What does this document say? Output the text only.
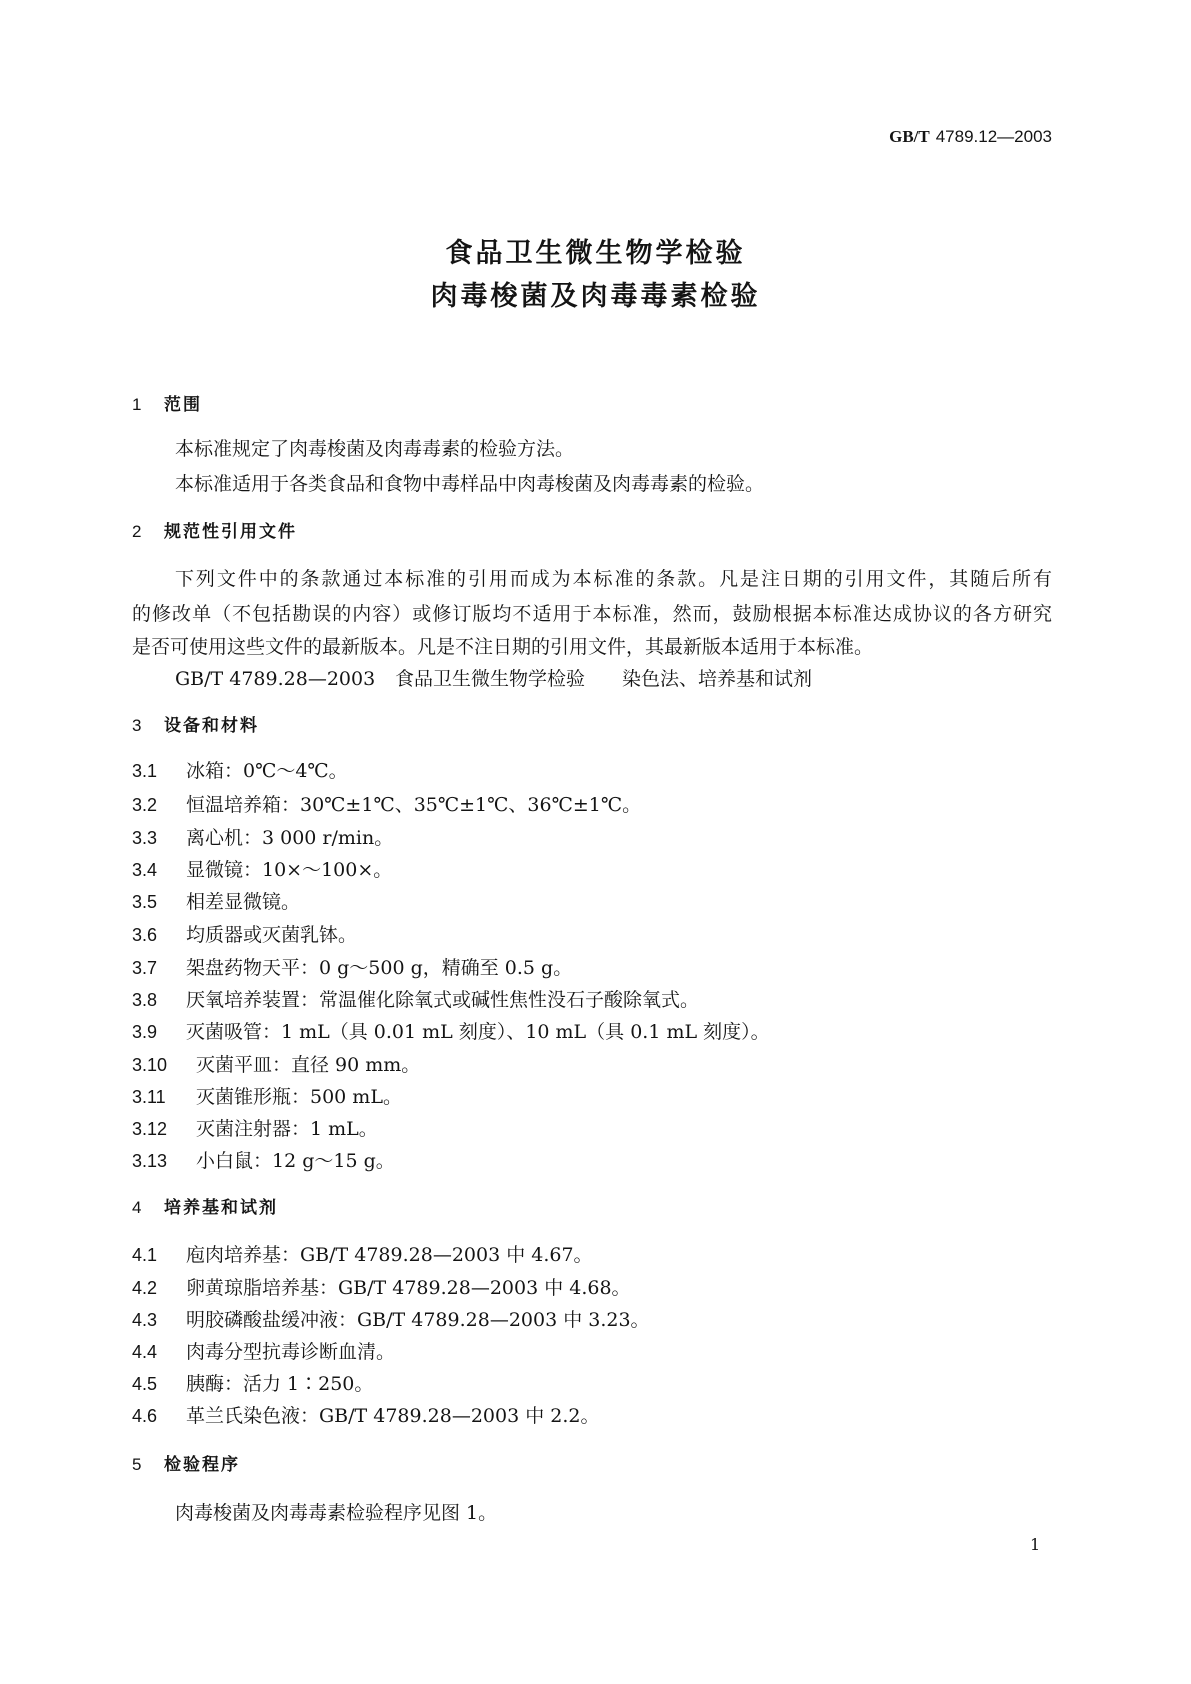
GB/T 4789.12—2003
食品卫生微生物学检验
肉毒梭菌及肉毒毒素检验
1 范围
本标准规定了肉毒梭菌及肉毒毒素的检验方法。
本标准适用于各类食品和食物中毒样品中肉毒梭菌及肉毒毒素的检验。
2 规范性引用文件
下列文件中的条款通过本标准的引用而成为本标准的条款。凡是注日期的引用文件，其随后所有
的修改单（不包括勘误的内容）或修订版均不适用于本标准，然而，鼓励根据本标准达成协议的各方研究
是否可使用这些文件的最新版本。凡是不注日期的引用文件，其最新版本适用于本标准。
GB/T 4789.28—2003 食品卫生微生物学检验 染色法、培养基和试剂
3 设备和材料
3.1 冰箱：0℃～4℃。
3.2 恒温培养箱：30℃±1℃、35℃±1℃、36℃±1℃。
3.3 离心机：3 000 r/min。
3.4 显微镜：10×～100×。
3.5 相差显微镜。
3.6 均质器或灭菌乳钵。
3.7 架盘药物天平：0 g～500 g，精确至 0.5 g。
3.8 厌氧培养装置：常温催化除氧式或碱性焦性没石子酸除氧式。
3.9 灭菌吸管：1 mL（具 0.01 mL 刻度）、10 mL（具 0.1 mL 刻度）。
3.10 灭菌平皿：直径 90 mm。
3.11 灭菌锥形瓶：500 mL。
3.12 灭菌注射器：1 mL。
3.13 小白鼠：12 g～15 g。
4 培养基和试剂
4.1 庖肉培养基：GB/T 4789.28—2003 中 4.67。
4.2 卵黄琼脂培养基：GB/T 4789.28—2003 中 4.68。
4.3 明胶磷酸盐缓冲液：GB/T 4789.28—2003 中 3.23。
4.4 肉毒分型抗毒诊断血清。
4.5 胰酶：活力 1∶250。
4.6 革兰氏染色液：GB/T 4789.28—2003 中 2.2。
5 检验程序
肉毒梭菌及肉毒毒素检验程序见图 1。
1
